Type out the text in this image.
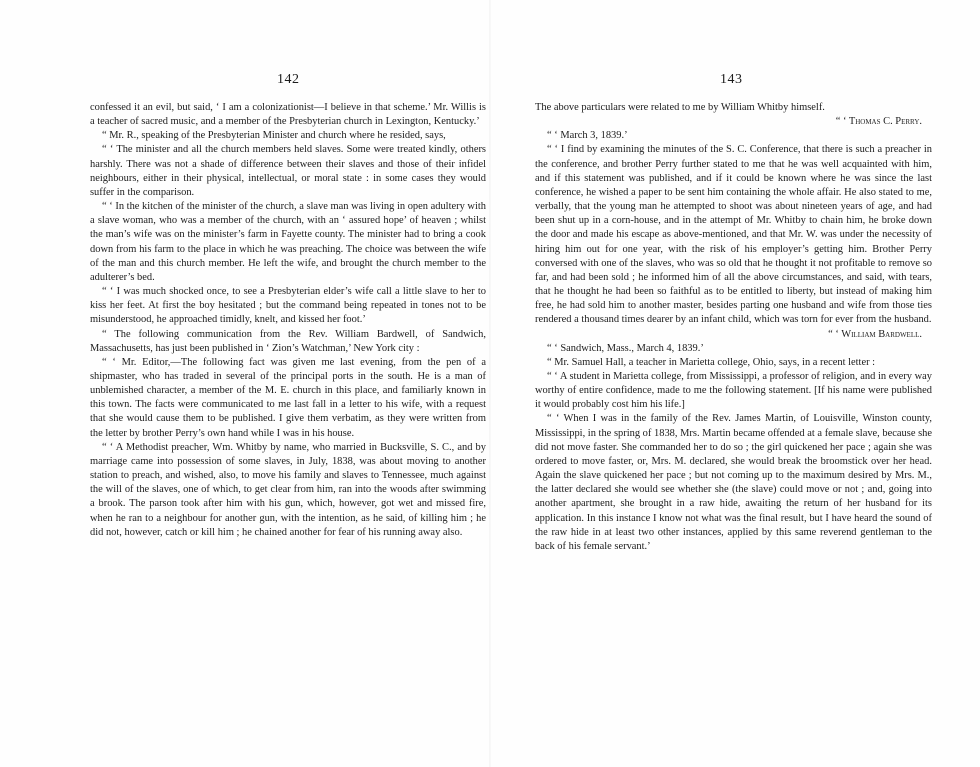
142

confessed it an evil, but said, ‘ I am a colonizationist—I believe in that scheme.’ Mr. Willis is a teacher of sacred music, and a member of the Presbyterian church in Lexington, Kentucky.’

“ Mr. R., speaking of the Presbyterian Minister and church where he resided, says,

“ ‘ The minister and all the church members held slaves. Some were treated kindly, others harshly. There was not a shade of difference between their slaves and those of their infidel neighbours, either in their physical, intellectual, or moral state : in some cases they would suffer in the comparison.

“ ‘ In the kitchen of the minister of the church, a slave man was living in open adultery with a slave woman, who was a member of the church, with an ‘ assured hope’ of heaven ; whilst the man’s wife was on the minister’s farm in Fayette county. The minister had to bring a cook down from his farm to the place in which he was preaching. The choice was between the wife of the man and this church member. He left the wife, and brought the church member to the adulterer’s bed.

“ ‘ I was much shocked once, to see a Presbyterian elder’s wife call a little slave to her to kiss her feet. At first the boy hesitated ; but the command being repeated in tones not to be misunderstood, he approached timidly, knelt, and kissed her foot.’

“ The following communication from the Rev. William Bardwell, of Sandwich, Massachusetts, has just been published in ‘ Zion’s Watchman,’ New York city :

“ ‘ Mr. Editor,—The following fact was given me last evening, from the pen of a shipmaster, who has traded in several of the principal ports in the south. He is a man of unblemished character, a member of the M. E. church in this place, and familiarly known in this town. The facts were communicated to me last fall in a letter to his wife, with a request that she would cause them to be published. I give them verbatim, as they were written from the letter by brother Perry’s own hand while I was in his house.

“ ‘ A Methodist preacher, Wm. Whitby by name, who married in Bucksville, S. C., and by marriage came into possession of some slaves, in July, 1838, was about moving to another station to preach, and wished, also, to move his family and slaves to Tennessee, much against the will of the slaves, one of which, to get clear from him, ran into the woods after swimming a brook. The parson took after him with his gun, which, however, got wet and missed fire, when he ran to a neighbour for another gun, with the intention, as he said, of killing him ; he did not, however, catch or kill him ; he chained another for fear of his running away also.

143

The above particulars were related to me by William Whitby himself.

“ ‘ Thomas C. Perry.

“ ‘ March 3, 1839.’

“ ‘ I find by examining the minutes of the S. C. Conference, that there is such a preacher in the conference, and brother Perry further stated to me that he was well acquainted with him, and if this statement was published, and if it could be known where he was since the last conference, he wished a paper to be sent him containing the whole affair. He also stated to me, verbally, that the young man he attempted to shoot was about nineteen years of age, and had been shut up in a corn-house, and in the attempt of Mr. Whitby to chain him, he broke down the door and made his escape as above-mentioned, and that Mr. W. was under the necessity of hiring him out for one year, with the risk of his employer’s getting him. Brother Perry conversed with one of the slaves, who was so old that he thought it not profitable to remove so far, and had been sold ; he informed him of all the above circumstances, and said, with tears, that he thought he had been so faithful as to be entitled to liberty, but instead of making him free, he had sold him to another master, besides parting one husband and wife from those ties rendered a thousand times dearer by an infant child, which was torn for ever from the husband.

“ ‘ William Bardwell.

“ ‘ Sandwich, Mass., March 4, 1839.’

“ Mr. Samuel Hall, a teacher in Marietta college, Ohio, says, in a recent letter :

“ ‘ A student in Marietta college, from Mississippi, a professor of religion, and in every way worthy of entire confidence, made to me the following statement. [If his name were published it would probably cost him his life.]

“ ‘ When I was in the family of the Rev. James Martin, of Louisville, Winston county, Mississippi, in the spring of 1838, Mrs. Martin became offended at a female slave, because she did not move faster. She commanded her to do so ; the girl quickened her pace ; again she was ordered to move faster, or, Mrs. M. declared, she would break the broomstick over her head. Again the slave quickened her pace ; but not coming up to the maximum desired by Mrs. M., the latter declared she would see whether she (the slave) could move or not ; and, going into another apartment, she brought in a raw hide, awaiting the return of her husband for its application. In this instance I know not what was the final result, but I have heard the sound of the raw hide in at least two other instances, applied by this same reverend gentleman to the back of his female servant.’
